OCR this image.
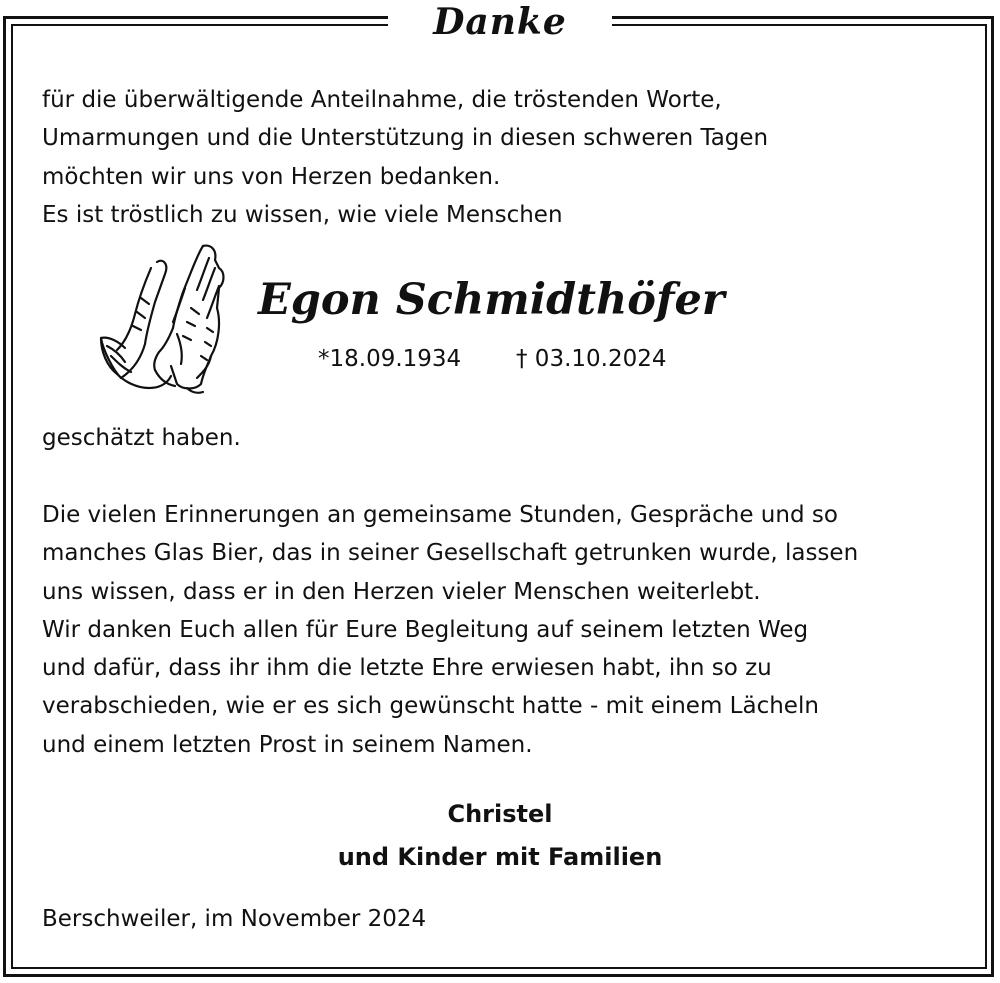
Danke
für die überwältigende Anteilnahme, die tröstenden Worte,
Umarmungen und die Unterstützung in diesen schweren Tagen
möchten wir uns von Herzen bedanken.
Es ist tröstlich zu wissen, wie viele Menschen
Egon Schmidthöfer
*18.09.1934 † 03.10.2024
geschätzt haben.
Die vielen Erinnerungen an gemeinsame Stunden, Gespräche und so
manches Glas Bier, das in seiner Gesellschaft getrunken wurde, lassen
uns wissen, dass er in den Herzen vieler Menschen weiterlebt.
Wir danken Euch allen für Eure Begleitung auf seinem letzten Weg
und dafür, dass ihr ihm die letzte Ehre erwiesen habt, ihn so zu
verabschieden, wie er es sich gewünscht hatte - mit einem Lächeln
und einem letzten Prost in seinem Namen.
Christel
und Kinder mit Familien
Berschweiler, im November 2024
